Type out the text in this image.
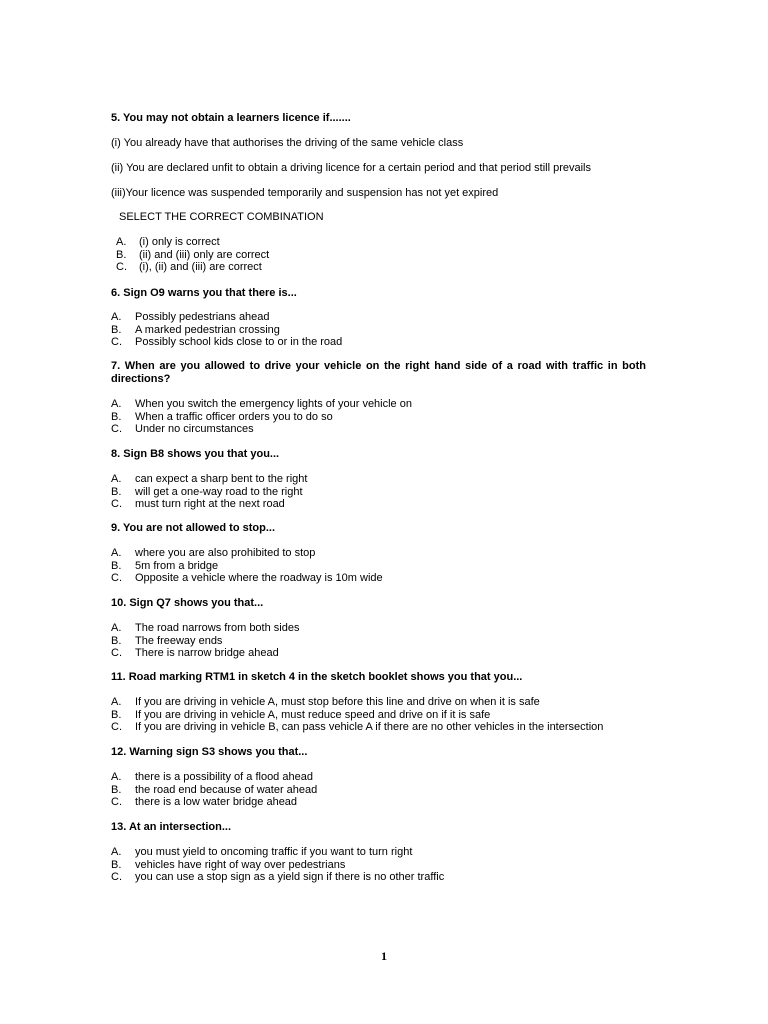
5. You may not obtain a learners licence if.......
(i) You already have that authorises the driving of the same vehicle class
(ii) You are declared unfit to obtain a driving licence for a certain period and that period still prevails
(iii)Your licence was suspended temporarily and suspension has not yet expired
SELECT THE CORRECT COMBINATION
A.	(i) only is correct
B.	(ii) and (iii) only are correct
C.	(i), (ii) and (iii) are correct
6. Sign O9 warns you that there is...
A.	Possibly pedestrians ahead
B.	A marked pedestrian crossing
C.	Possibly school kids close to or in the road
7. When are you allowed to drive your vehicle on the right hand side of a road with traffic in both directions?
A.	When you switch the emergency lights of your vehicle on
B.	When a traffic officer orders you to do so
C.	Under no circumstances
8. Sign B8 shows you that you...
A.	can expect a sharp bent to the right
B.	will get a one-way road to the right
C.	must turn right at the next road
9. You are not allowed to stop...
A.	where you are also prohibited to stop
B.	5m from a bridge
C.	Opposite a vehicle where the roadway is 10m wide
10. Sign Q7 shows you that...
A.	The road narrows from both sides
B.	The freeway ends
C.	There is narrow bridge ahead
11. Road marking RTM1 in sketch 4 in the sketch booklet shows you that you...
A.	If you are driving in vehicle A, must stop before this line and drive on when it is safe
B.	If you are driving in vehicle A, must reduce speed and drive on if it is safe
C.	If you are driving in vehicle B, can pass vehicle A if there are no other vehicles in the intersection
12. Warning sign S3 shows you that...
A.	there is a possibility of a flood ahead
B.	the road end because of water ahead
C.	there is a low water bridge ahead
13. At an intersection...
A.	you must yield to oncoming traffic if you want to turn right
B.	vehicles have right of way over pedestrians
C.	you can use a stop sign as a yield sign if there is no other traffic
1
